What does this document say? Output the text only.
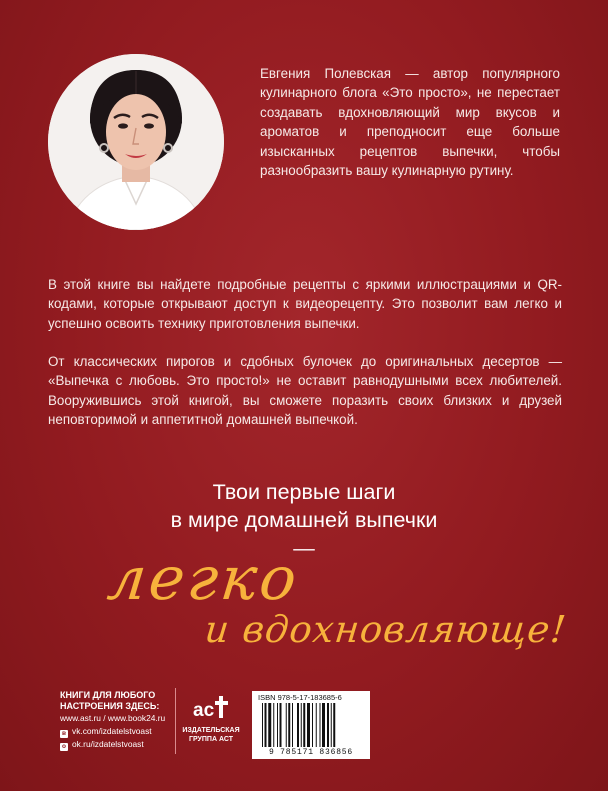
Евгения Полевская — автор популярного кулинарного блога «Это просто», не перестает создавать вдохновляющий мир вкусов и ароматов и преподносит еще больше изысканных рецептов выпечки, чтобы разнообразить вашу кулинарную рутину.

В этой книге вы найдете подробные рецепты с яркими иллюстрациями и QR-кодами, которые открывают доступ к видеорецепту. Это позволит вам легко и успешно освоить технику приготовления выпечки.

От классических пирогов и сдобных булочек до оригинальных десертов — «Выпечка с любовь. Это просто!» не оставит равнодушными всех любителей. Вооружившись этой книгой, вы сможете поразить своих близких и друзей неповторимой и аппетитной домашней выпечкой.

Твои первые шаги
в мире домашней выпечки
—
легко
и вдохновляюще!
КНИГИ ДЛЯ ЛЮБОГО НАСТРОЕНИЯ ЗДЕСЬ:
www.ast.ru / www.book24.ru
в vk.com/izdatelstvoast
о ok.ru/izdatelstvoast
ас
ИЗДАТЕЛЬСКАЯ ГРУППА АСТ
ISBN 978-5-17-183685-6
9 785171 836856
